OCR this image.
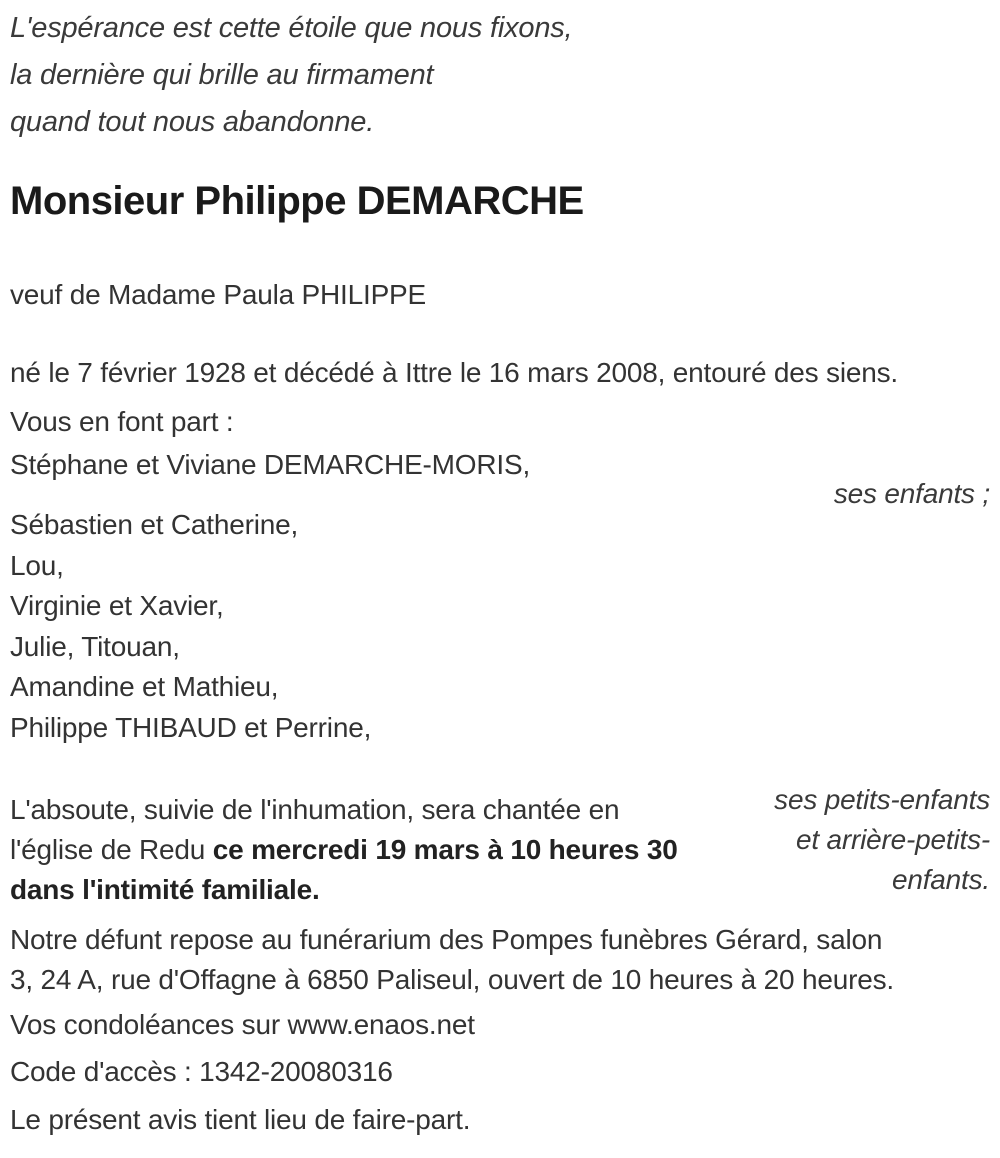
L'espérance est cette étoile que nous fixons,
la dernière qui brille au firmament
quand tout nous abandonne.
Monsieur Philippe DEMARCHE
veuf de Madame Paula PHILIPPE
né le 7 février 1928 et décédé à Ittre le 16 mars 2008, entouré des siens.
Vous en font part :
Stéphane et Viviane DEMARCHE-MORIS,
ses enfants ;
Sébastien et Catherine,
Lou,
Virginie et Xavier,
Julie, Titouan,
Amandine et Mathieu,
Philippe THIBAUD et Perrine,
ses petits-enfants
et arrière-petits-
enfants.
L'absoute, suivie de l'inhumation, sera chantée en
l'église de Redu ce mercredi 19 mars à 10 heures 30
dans l'intimité familiale.
Notre défunt repose au funérarium des Pompes funèbres Gérard, salon
3, 24 A, rue d'Offagne à 6850 Paliseul, ouvert de 10 heures à 20 heures.
Vos condoléances sur www.enaos.net
Code d'accès : 1342-20080316
Le présent avis tient lieu de faire-part.
